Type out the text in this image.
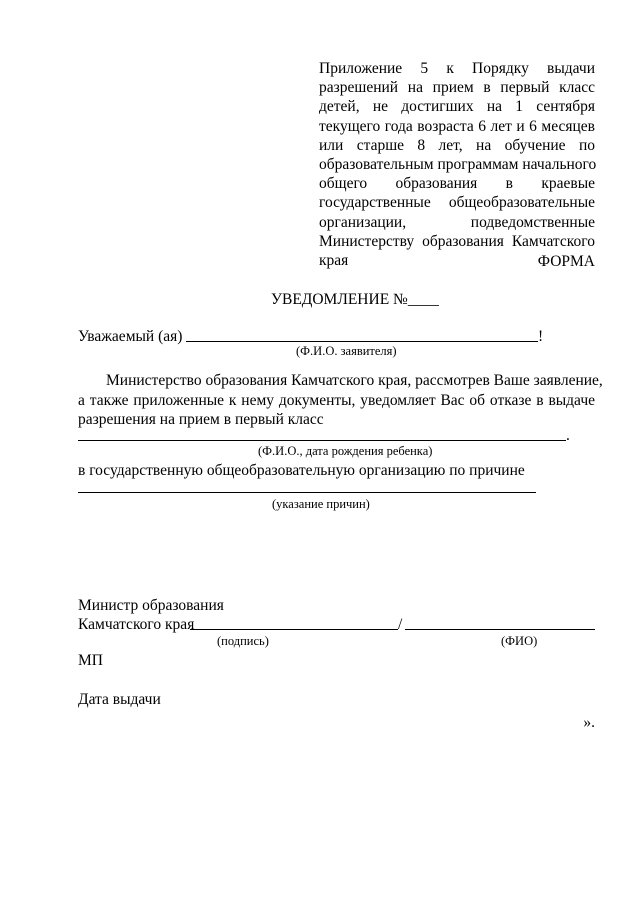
Приложение 5 к Порядку выдачи
разрешений на прием в первый класс
детей, не достигших на 1 сентября
текущего года возраста 6 лет и 6 месяцев
или старше 8 лет, на обучение по
образовательным программам начального
общего образования в краевые
государственные общеобразовательные
организации, подведомственные
Министерству образования Камчатского
края	ФОРМА
УВЕДОМЛЕНИЕ №____
Уважаемый (ая)	!
(Ф.И.О. заявителя)
Министерство образования Камчатского края, рассмотрев Ваше заявление,
а также приложенные к нему документы, уведомляет Вас об отказе в выдаче
разрешения на прием в первый класс
.
(Ф.И.О., дата рождения ребенка)
в государственную общеобразовательную организацию по причине
(указание причин)
Министр образования
Камчатского края	/
(подпись)	(ФИО)
МП
Дата выдачи
».
